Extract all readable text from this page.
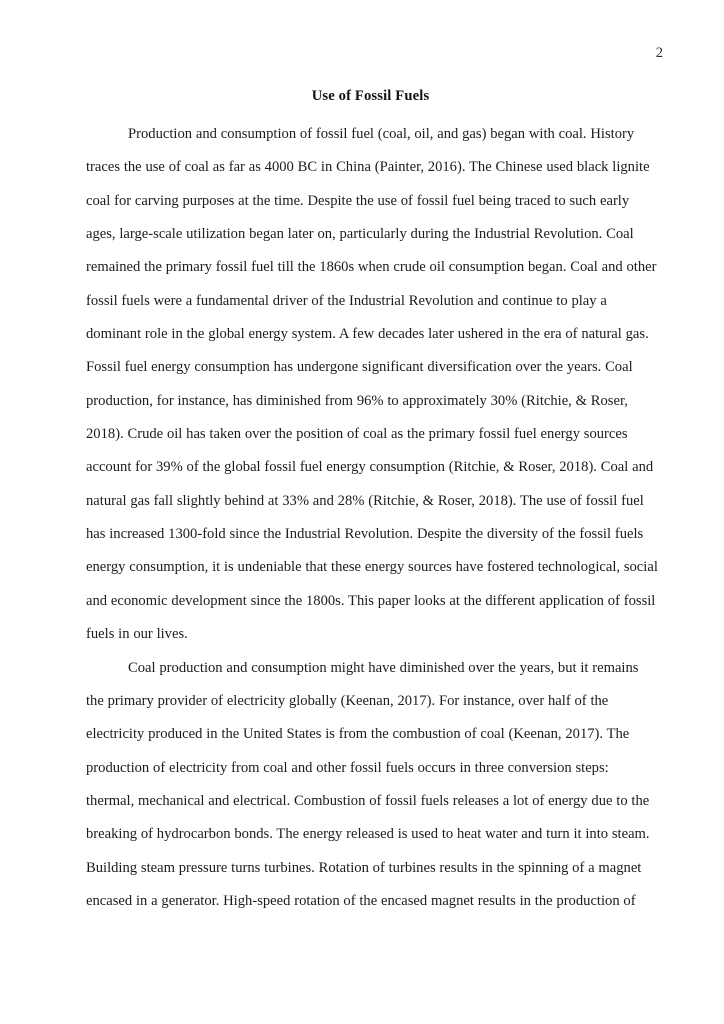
2
Use of Fossil Fuels

Production and consumption of fossil fuel (coal, oil, and gas) began with coal. History traces the use of coal as far as 4000 BC in China (Painter, 2016). The Chinese used black lignite coal for carving purposes at the time. Despite the use of fossil fuel being traced to such early ages, large-scale utilization began later on, particularly during the Industrial Revolution. Coal remained the primary fossil fuel till the 1860s when crude oil consumption began. Coal and other fossil fuels were a fundamental driver of the Industrial Revolution and continue to play a dominant role in the global energy system. A few decades later ushered in the era of natural gas. Fossil fuel energy consumption has undergone significant diversification over the years. Coal production, for instance, has diminished from 96% to approximately 30% (Ritchie, & Roser, 2018). Crude oil has taken over the position of coal as the primary fossil fuel energy sources account for 39% of the global fossil fuel energy consumption (Ritchie, & Roser, 2018). Coal and natural gas fall slightly behind at 33% and 28% (Ritchie, & Roser, 2018). The use of fossil fuel has increased 1300-fold since the Industrial Revolution. Despite the diversity of the fossil fuels energy consumption, it is undeniable that these energy sources have fostered technological, social and economic development since the 1800s. This paper looks at the different application of fossil fuels in our lives.

Coal production and consumption might have diminished over the years, but it remains the primary provider of electricity globally (Keenan, 2017). For instance, over half of the electricity produced in the United States is from the combustion of coal (Keenan, 2017). The production of electricity from coal and other fossil fuels occurs in three conversion steps: thermal, mechanical and electrical. Combustion of fossil fuels releases a lot of energy due to the breaking of hydrocarbon bonds. The energy released is used to heat water and turn it into steam. Building steam pressure turns turbines. Rotation of turbines results in the spinning of a magnet encased in a generator. High-speed rotation of the encased magnet results in the production of
